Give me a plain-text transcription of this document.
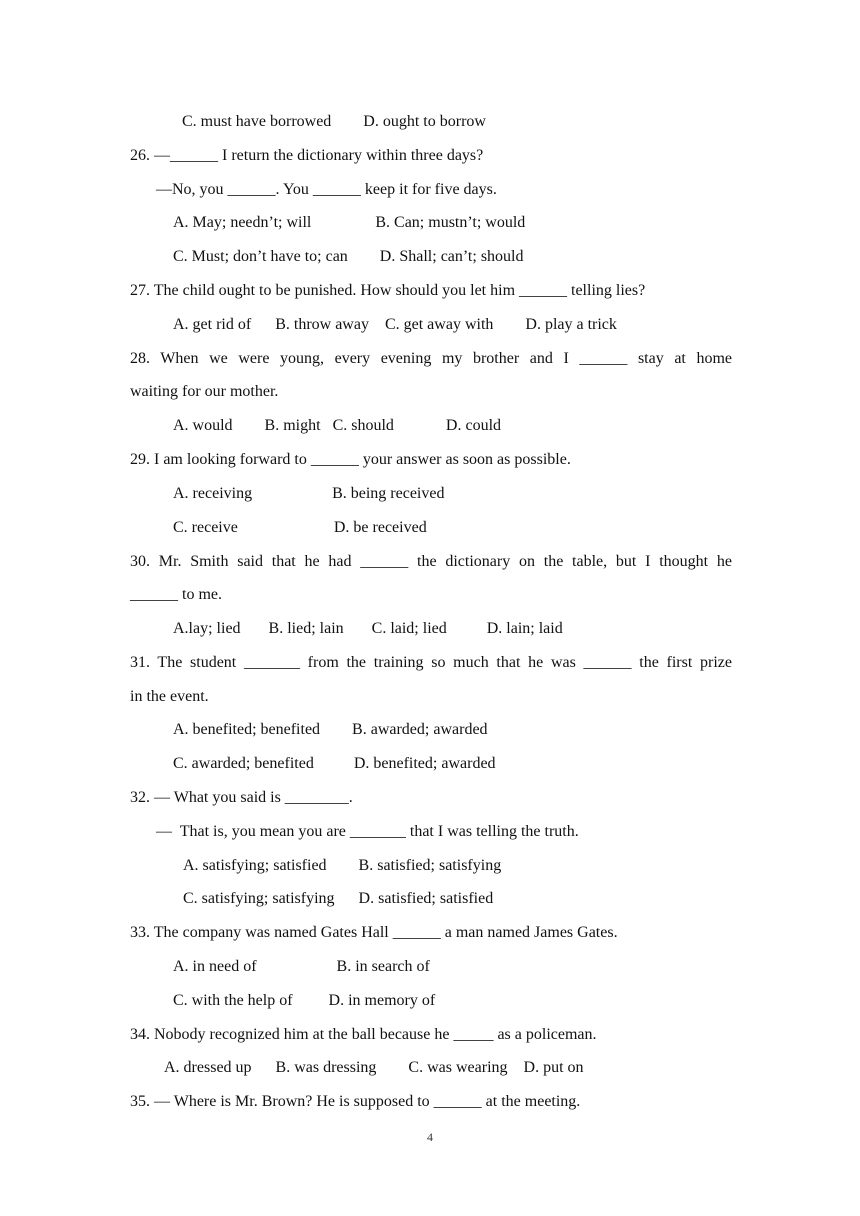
C. must have borrowed        D. ought to borrow
26. —______ I return the dictionary within three days?
—No, you ______. You ______ keep it for five days.
A. May; needn’t; will                B. Can; mustn’t; would
C. Must; don’t have to; can        D. Shall; can’t; should
27. The child ought to be punished. How should you let him ______ telling lies?
A. get rid of      B. throw away    C. get away with        D. play a trick
28. When we were young, every evening my brother and I ______ stay at home
waiting for our mother.
A. would        B. might   C. should             D. could
29. I am looking forward to ______ your answer as soon as possible.
A. receiving                    B. being received
C. receive                        D. be received
30. Mr. Smith said that he had ______ the dictionary on the table, but I thought he
______ to me.
A.lay; lied       B. lied; lain       C. laid; lied          D. lain; laid
31. The student _______ from the training so much that he was ______ the first prize
in the event.
A. benefited; benefited        B. awarded; awarded
C. awarded; benefited          D. benefited; awarded
32. — What you said is ________.
—  That is, you mean you are _______ that I was telling the truth.
A. satisfying; satisfied        B. satisfied; satisfying
C. satisfying; satisfying      D. satisfied; satisfied
33. The company was named Gates Hall ______ a man named James Gates.
A. in need of                    B. in search of
C. with the help of         D. in memory of
34. Nobody recognized him at the ball because he _____ as a policeman.
A. dressed up      B. was dressing        C. was wearing    D. put on
35. — Where is Mr. Brown? He is supposed to ______ at the meeting.
4
